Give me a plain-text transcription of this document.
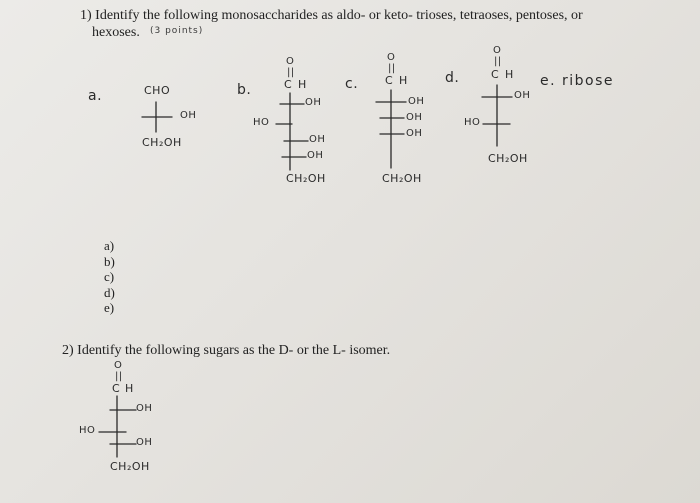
1) Identify the following monosaccharides as aldo- or keto- trioses, tetraoses, pentoses, or
hexoses. (3 points)
a)
b)
c)
d)
e)
2) Identify the following sugars as the D- or the L- isomer.
a.	CHO
OH
CH₂OH
b.
O
||
C H
OH
HO
OH
OH
CH₂OH
c.
O
||
C H
OH
OH
OH
CH₂OH
d.
O
||
C H
OH
HO
CH₂OH
e. ribose
O
||
C H
OH
HO
OH
CH₂OH
